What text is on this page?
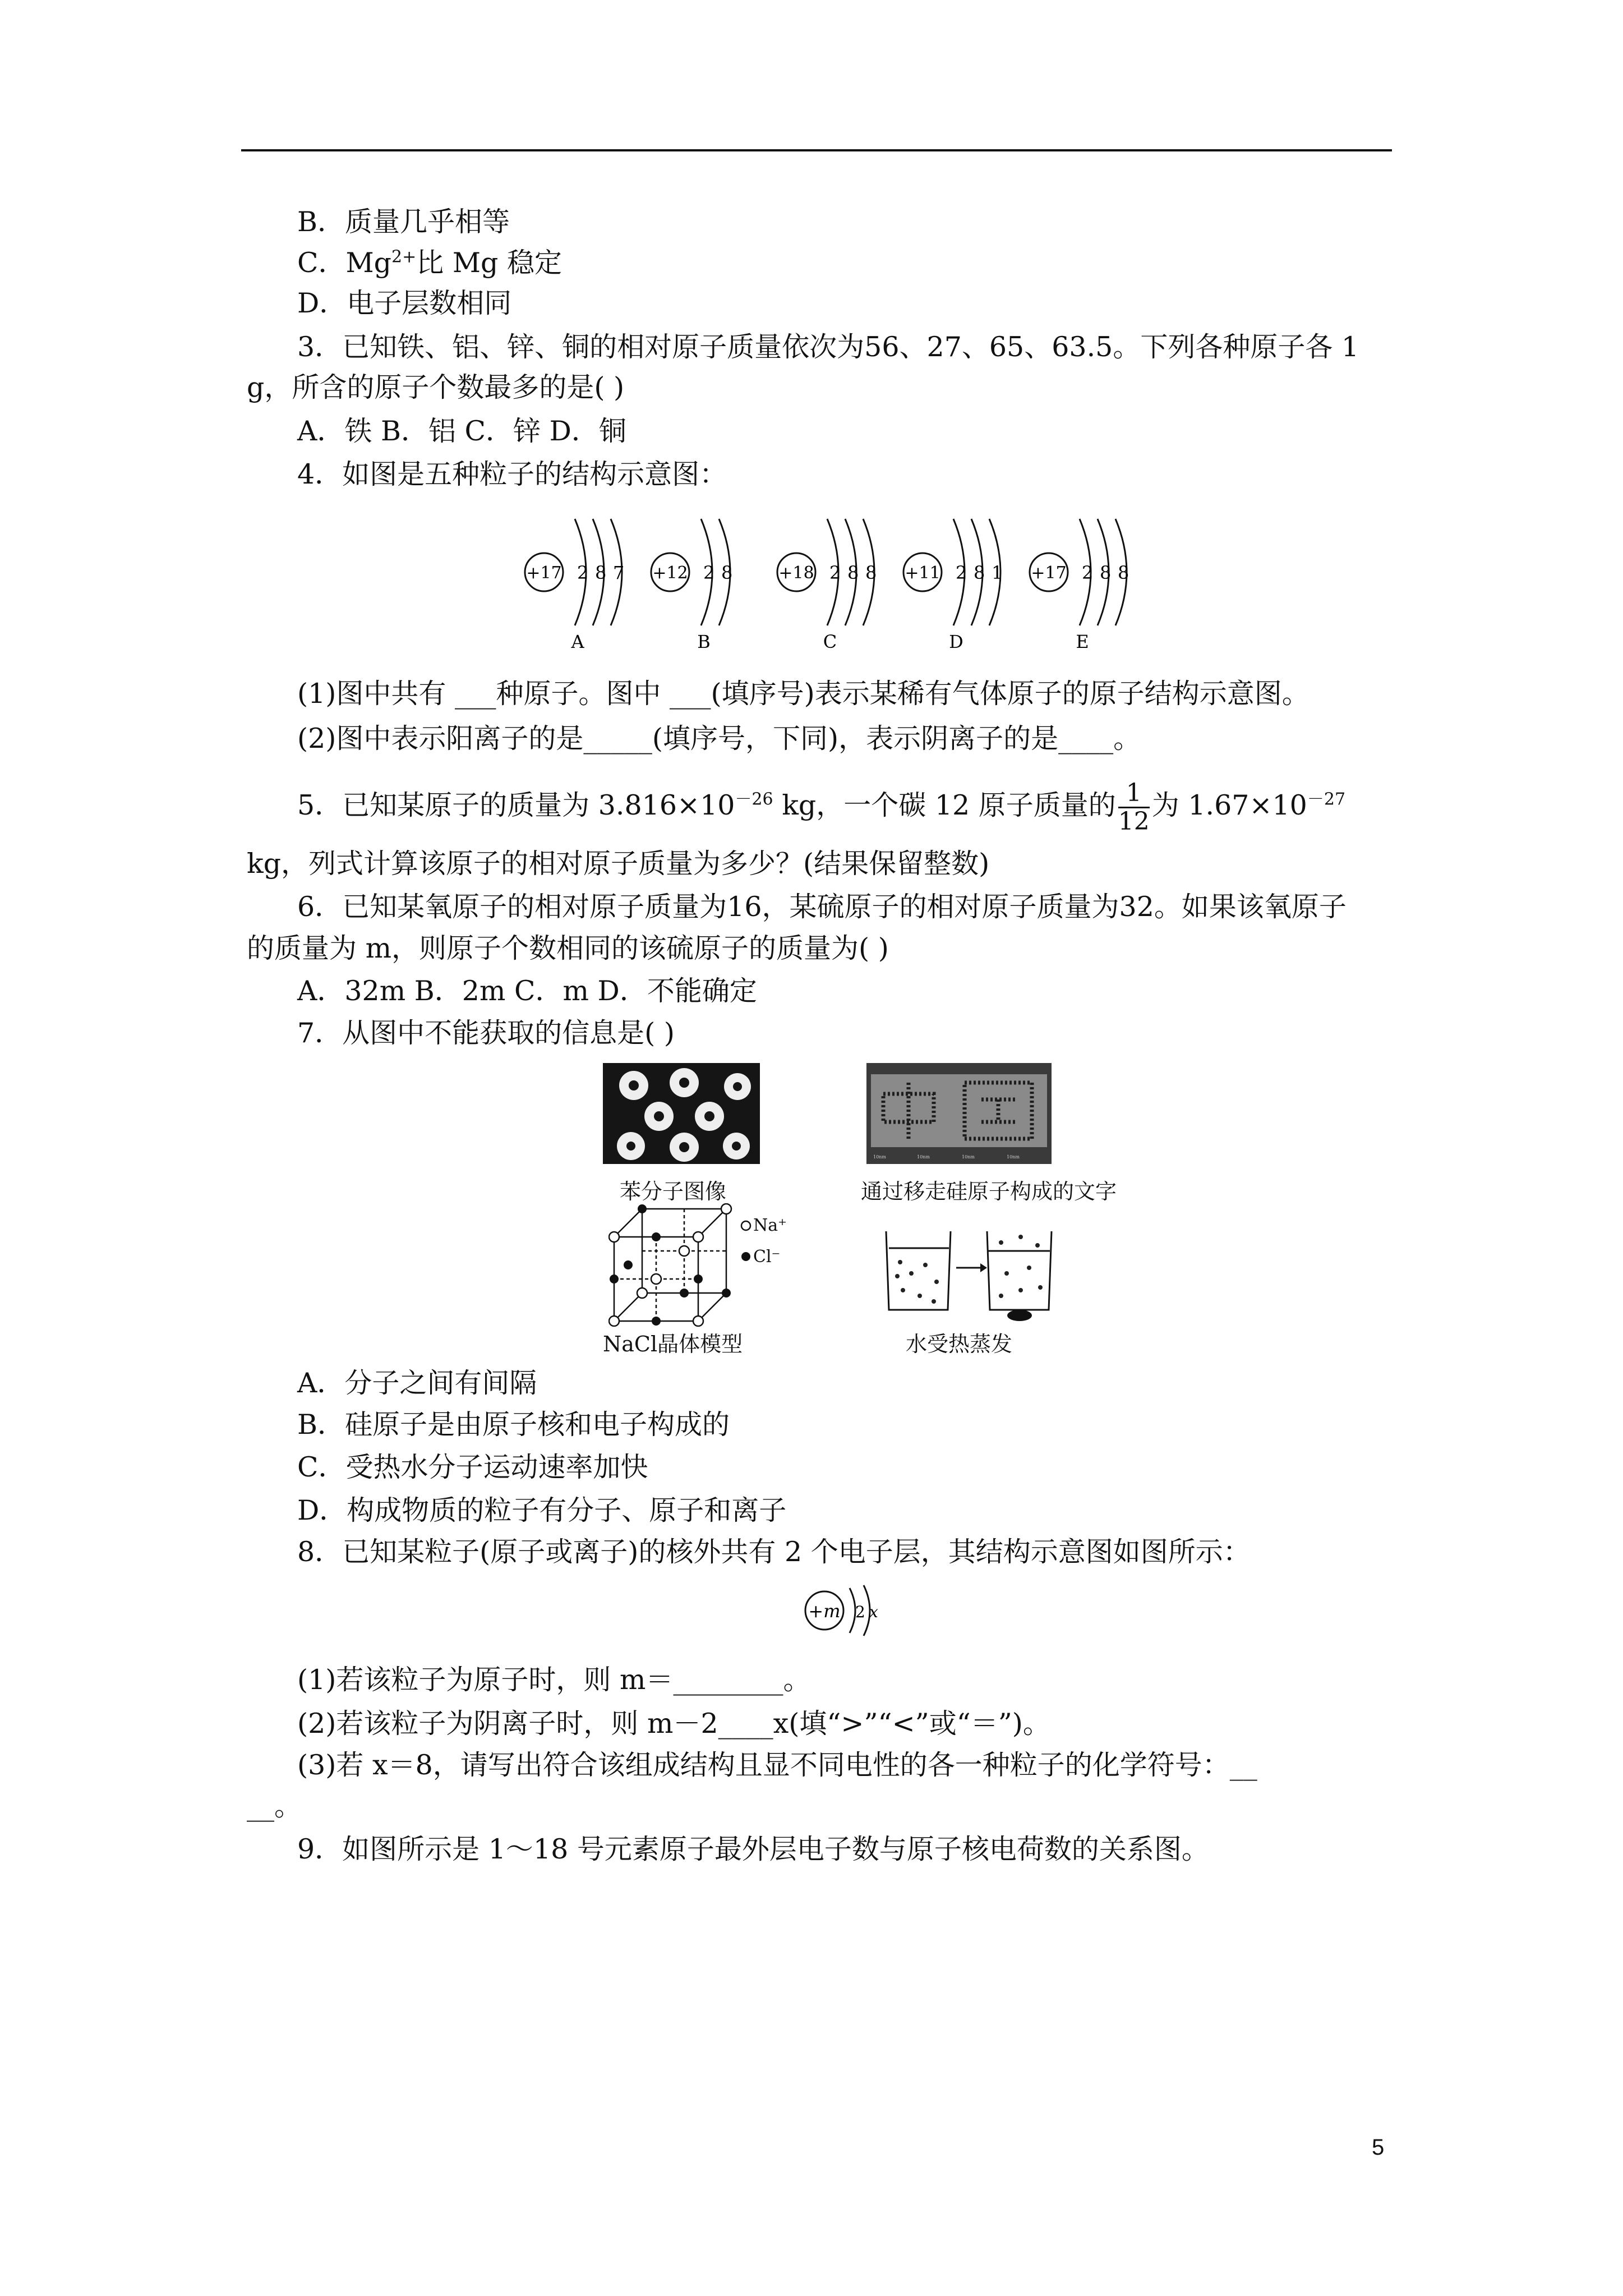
B．质量几乎相等

C．$Mg^{2+}$比 Mg 稳定

D．电子层数相同

3．已知铁、铝、锌、铜的相对原子质量依次为56、27、65、63.5。下列各种原子各 1

g，所含的原子个数最多的是( )

A．铁 B．铝 C．锌 D．铜

4．如图是五种粒子的结构示意图：

+17 2 8 7
A
+12 2 8
B
+18 2 8 8
C
+11 2 8 1
D
+17 2 8 8
E

(1)图中共有 ___种原子。图中 ___(填序号)表示某稀有气体原子的原子结构示意图。

(2)图中表示阳离子的是_____(填序号，下同)，表示阴离子的是____。

5．已知某原子的质量为 $3.816\times 10^{-26}$ kg，一个碳 12 原子质量的 $\frac{1}{12}$ 为 $1.67\times 10^{-27}$

kg，列式计算该原子的相对原子质量为多少？(结果保留整数)

6．已知某氧原子的相对原子质量为16，某硫原子的相对原子质量为32。如果该氧原子

的质量为 m，则原子个数相同的该硫原子的质量为( )

A．32m B．2m C．m D．不能确定

7．从图中不能获取的信息是( )

苯分子图像
10nm	10nm	10nm	10nm
通过移走硅原子构成的文字
Na⁺
Cl⁻
NaCl晶体模型	水受热蒸发

A．分子之间有间隔

B．硅原子是由原子核和电子构成的

C．受热水分子运动速率加快

D．构成物质的粒子有分子、原子和离子

8．已知某粒子(原子或离子)的核外共有 2 个电子层，其结构示意图如图所示：

+m 2 x

(1)若该粒子为原子时，则 m＝________。

(2)若该粒子为阴离子时，则 m－2____x(填“>”“<”或“＝”)。

(3)若 x＝8，请写出符合该组成结构且显不同电性的各一种粒子的化学符号：__

__。

9．如图所示是 1～18 号元素原子最外层电子数与原子核电荷数的关系图。

5
